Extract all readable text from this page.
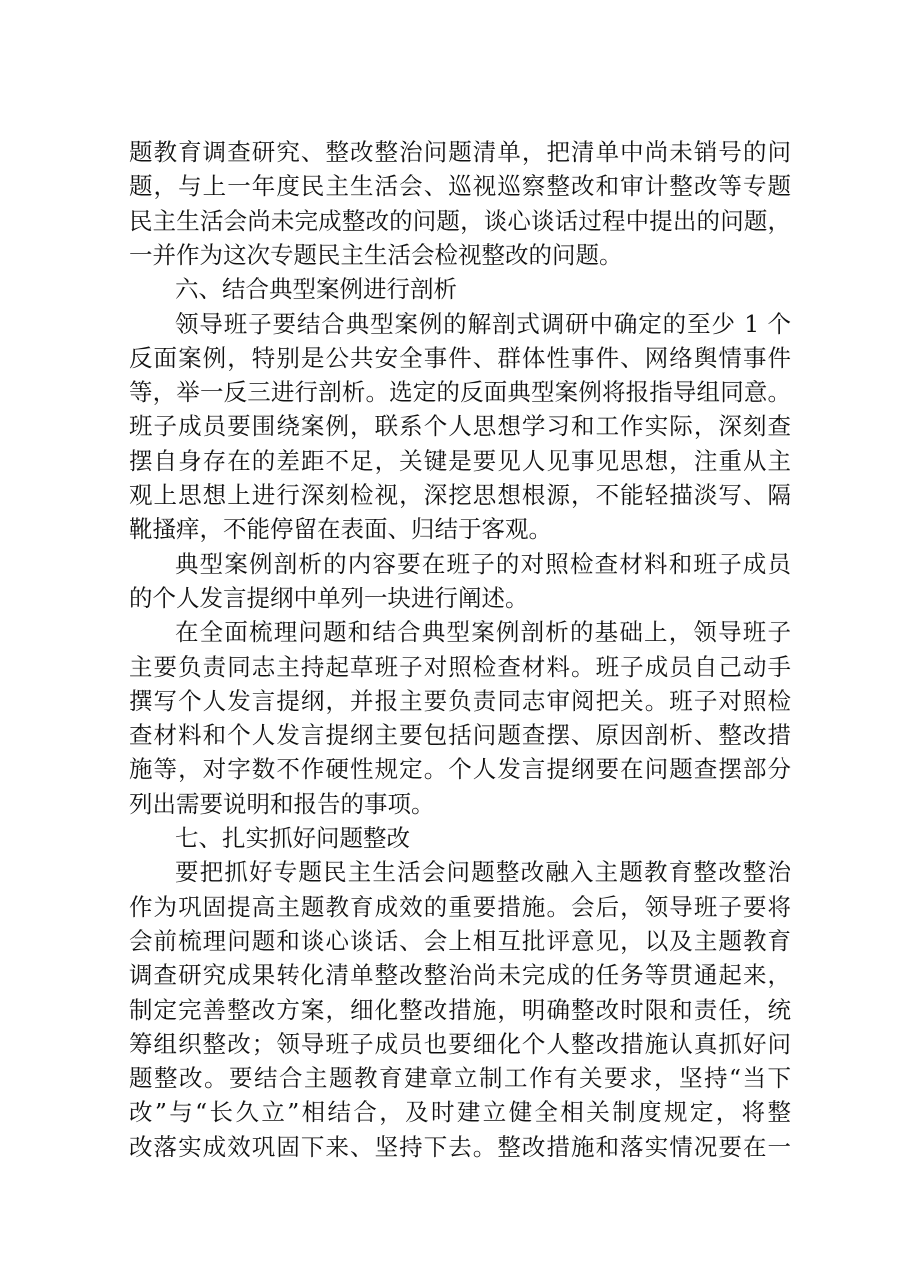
题教育调查研究、整改整治问题清单，把清单中尚未销号的问
题，与上一年度民主生活会、巡视巡察整改和审计整改等专题
民主生活会尚未完成整改的问题，谈心谈话过程中提出的问题，
一并作为这次专题民主生活会检视整改的问题。
六、结合典型案例进行剖析
领导班子要结合典型案例的解剖式调研中确定的至少 1 个
反面案例，特别是公共安全事件、群体性事件、网络舆情事件
等，举一反三进行剖析。选定的反面典型案例将报指导组同意。
班子成员要围绕案例，联系个人思想学习和工作实际，深刻查
摆自身存在的差距不足，关键是要见人见事见思想，注重从主
观上思想上进行深刻检视，深挖思想根源，不能轻描淡写、隔
靴搔痒，不能停留在表面、归结于客观。
典型案例剖析的内容要在班子的对照检查材料和班子成员
的个人发言提纲中单列一块进行阐述。
在全面梳理问题和结合典型案例剖析的基础上，领导班子
主要负责同志主持起草班子对照检查材料。班子成员自己动手
撰写个人发言提纲，并报主要负责同志审阅把关。班子对照检
查材料和个人发言提纲主要包括问题查摆、原因剖析、整改措
施等，对字数不作硬性规定。个人发言提纲要在问题查摆部分
列出需要说明和报告的事项。
七、扎实抓好问题整改
要把抓好专题民主生活会问题整改融入主题教育整改整治
作为巩固提高主题教育成效的重要措施。会后，领导班子要将
会前梳理问题和谈心谈话、会上相互批评意见，以及主题教育
调查研究成果转化清单整改整治尚未完成的任务等贯通起来，
制定完善整改方案，细化整改措施，明确整改时限和责任，统
筹组织整改；领导班子成员也要细化个人整改措施认真抓好问
题整改。要结合主题教育建章立制工作有关要求，坚持“当下
改”与“长久立”相结合，及时建立健全相关制度规定，将整
改落实成效巩固下来、坚持下去。整改措施和落实情况要在一
